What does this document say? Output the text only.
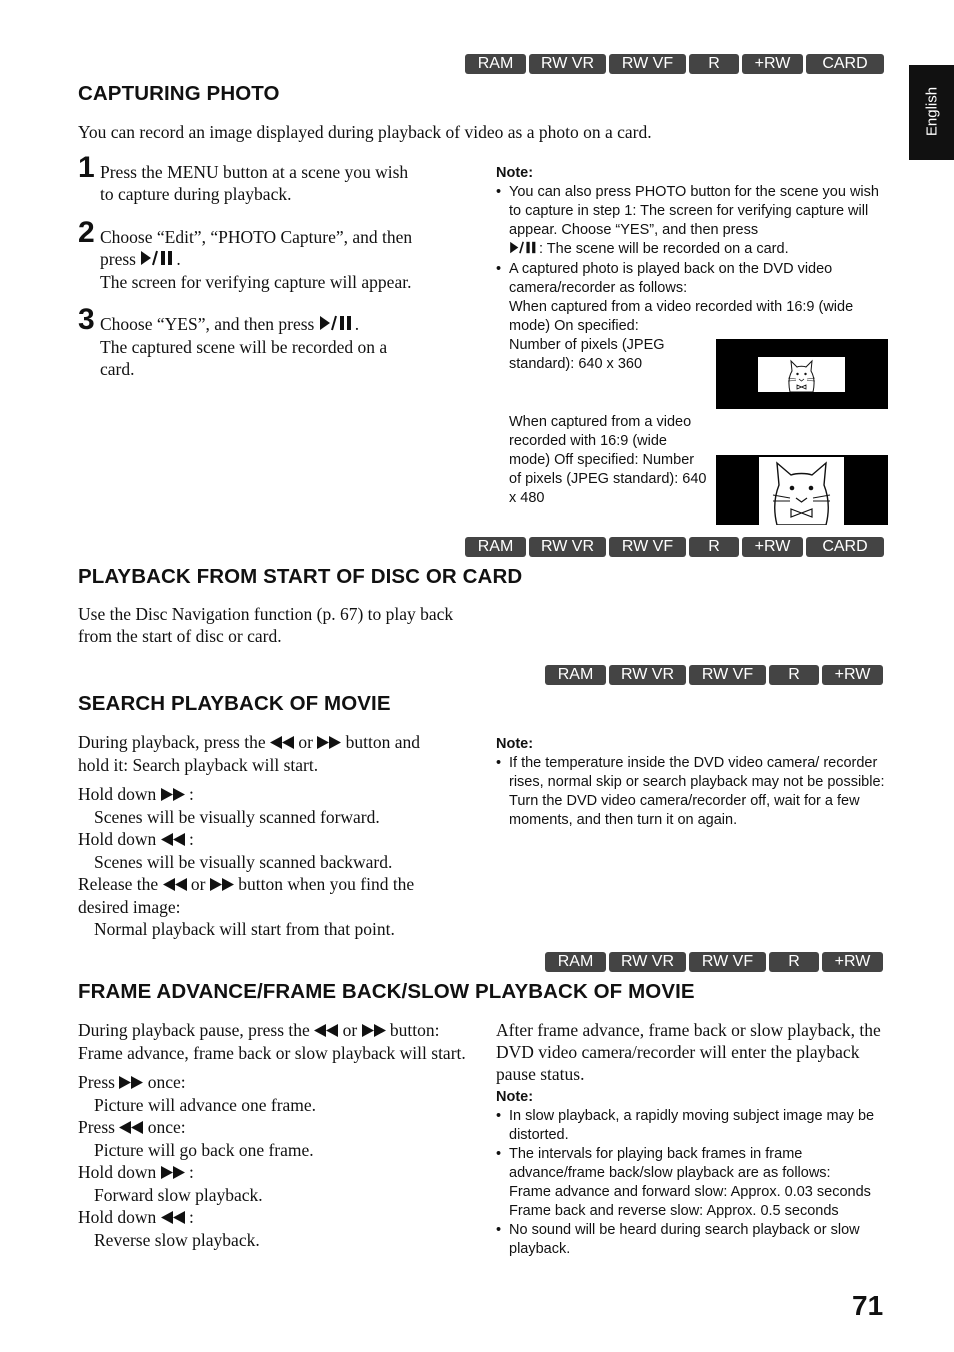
English
RAM	RW VR	RW VF	R	+RW	CARD
CAPTURING PHOTO
You can record an image displayed during playback of video as a photo on a card.
1 Press the MENU button at a scene you wish
to capture during playback.
2 Choose “Edit”, “PHOTO Capture”, and then
press .
The screen for verifying capture will appear.
3 Choose “YES”, and then press .
The captured scene will be recorded on a
card.
Note:
• You can also press PHOTO button for the scene you wish to capture in step 1: The screen for verifying capture will appear. Choose “YES”, and then press
: The scene will be recorded on a card.
• A captured photo is played back on the DVD video camera/recorder as follows:
When captured from a video recorded with 16:9 (wide mode) On specified:
Number of pixels (JPEG standard): 640 x 360
When captured from a video recorded with 16:9 (wide mode) Off specified: Number of pixels (JPEG standard): 640 x 480
RAM	RW VR	RW VF	R	+RW	CARD
PLAYBACK FROM START OF DISC OR CARD
Use the Disc Navigation function (p. 67) to play back from the start of disc or card.
RAM	RW VR	RW VF	R	+RW
SEARCH PLAYBACK OF MOVIE
During playback, press the or button and
hold it: Search playback will start.
Hold down :
Scenes will be visually scanned forward.
Hold down :
Scenes will be visually scanned backward.
Release the or button when you find the
desired image:
Normal playback will start from that point.
Note:
• If the temperature inside the DVD video camera/ recorder rises, normal skip or search playback may not be possible: Turn the DVD video camera/recorder off, wait for a few moments, and then turn it on again.
RAM	RW VR	RW VF	R	+RW
FRAME ADVANCE/FRAME BACK/SLOW PLAYBACK OF MOVIE
During playback pause, press the or button: Frame advance, frame back or slow playback will start.
Press once:
Picture will advance one frame.
Press once:
Picture will go back one frame.
Hold down :
Forward slow playback.
Hold down :
Reverse slow playback.
After frame advance, frame back or slow playback, the DVD video camera/recorder will enter the playback pause status.
Note:
• In slow playback, a rapidly moving subject image may be distorted.
• The intervals for playing back frames in frame advance/frame back/slow playback are as follows:
Frame advance and forward slow: Approx. 0.03 seconds
Frame back and reverse slow: Approx. 0.5 seconds
• No sound will be heard during search playback or slow playback.
71
